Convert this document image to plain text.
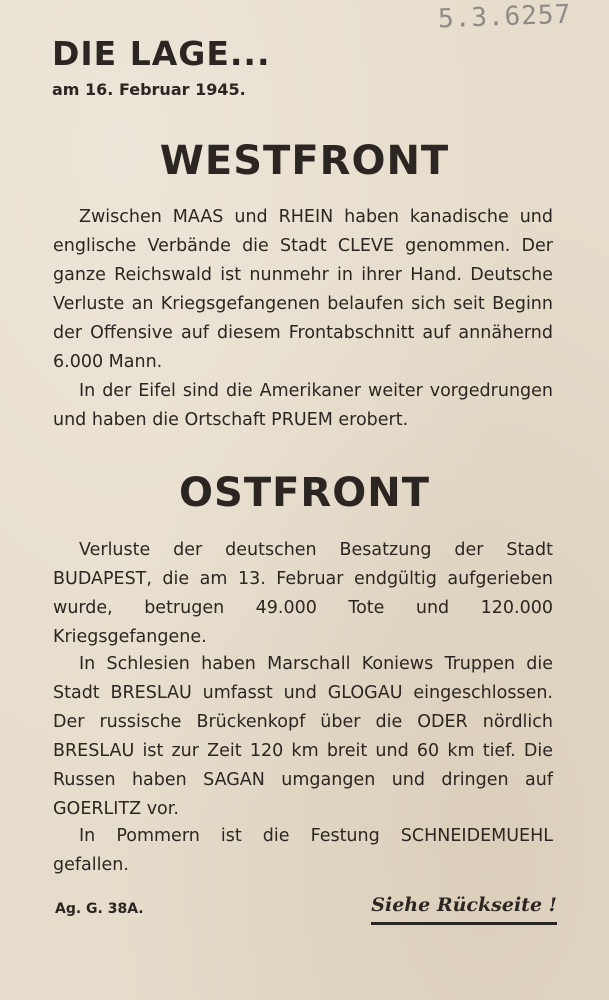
5.3.6257
DIE LAGE...
am 16. Februar 1945.
WESTFRONT

Zwischen MAAS und RHEIN haben kanadische und englische Verbände die Stadt CLEVE genommen. Der ganze Reichswald ist nunmehr in ihrer Hand. Deutsche Verluste an Kriegsgefangenen belaufen sich seit Beginn der Offensive auf diesem Frontabschnitt auf annähernd 6.000 Mann.

In der Eifel sind die Amerikaner weiter vorgedrungen und haben die Ortschaft PRUEM erobert.

OSTFRONT

Verluste der deutschen Besatzung der Stadt BUDAPEST, die am 13. Februar endgültig aufgerieben wurde, betrugen 49.000 Tote und 120.000 Kriegsgefangene.

In Schlesien haben Marschall Koniews Truppen die Stadt BRESLAU umfasst und GLOGAU eingeschlossen. Der russische Brückenkopf über die ODER nördlich BRESLAU ist zur Zeit 120 km breit und 60 km tief. Die Russen haben SAGAN umgangen und dringen auf GOERLITZ vor.

In Pommern ist die Festung SCHNEIDEMUEHL gefallen.

Ag. G. 38A.	Siehe Rückseite !
